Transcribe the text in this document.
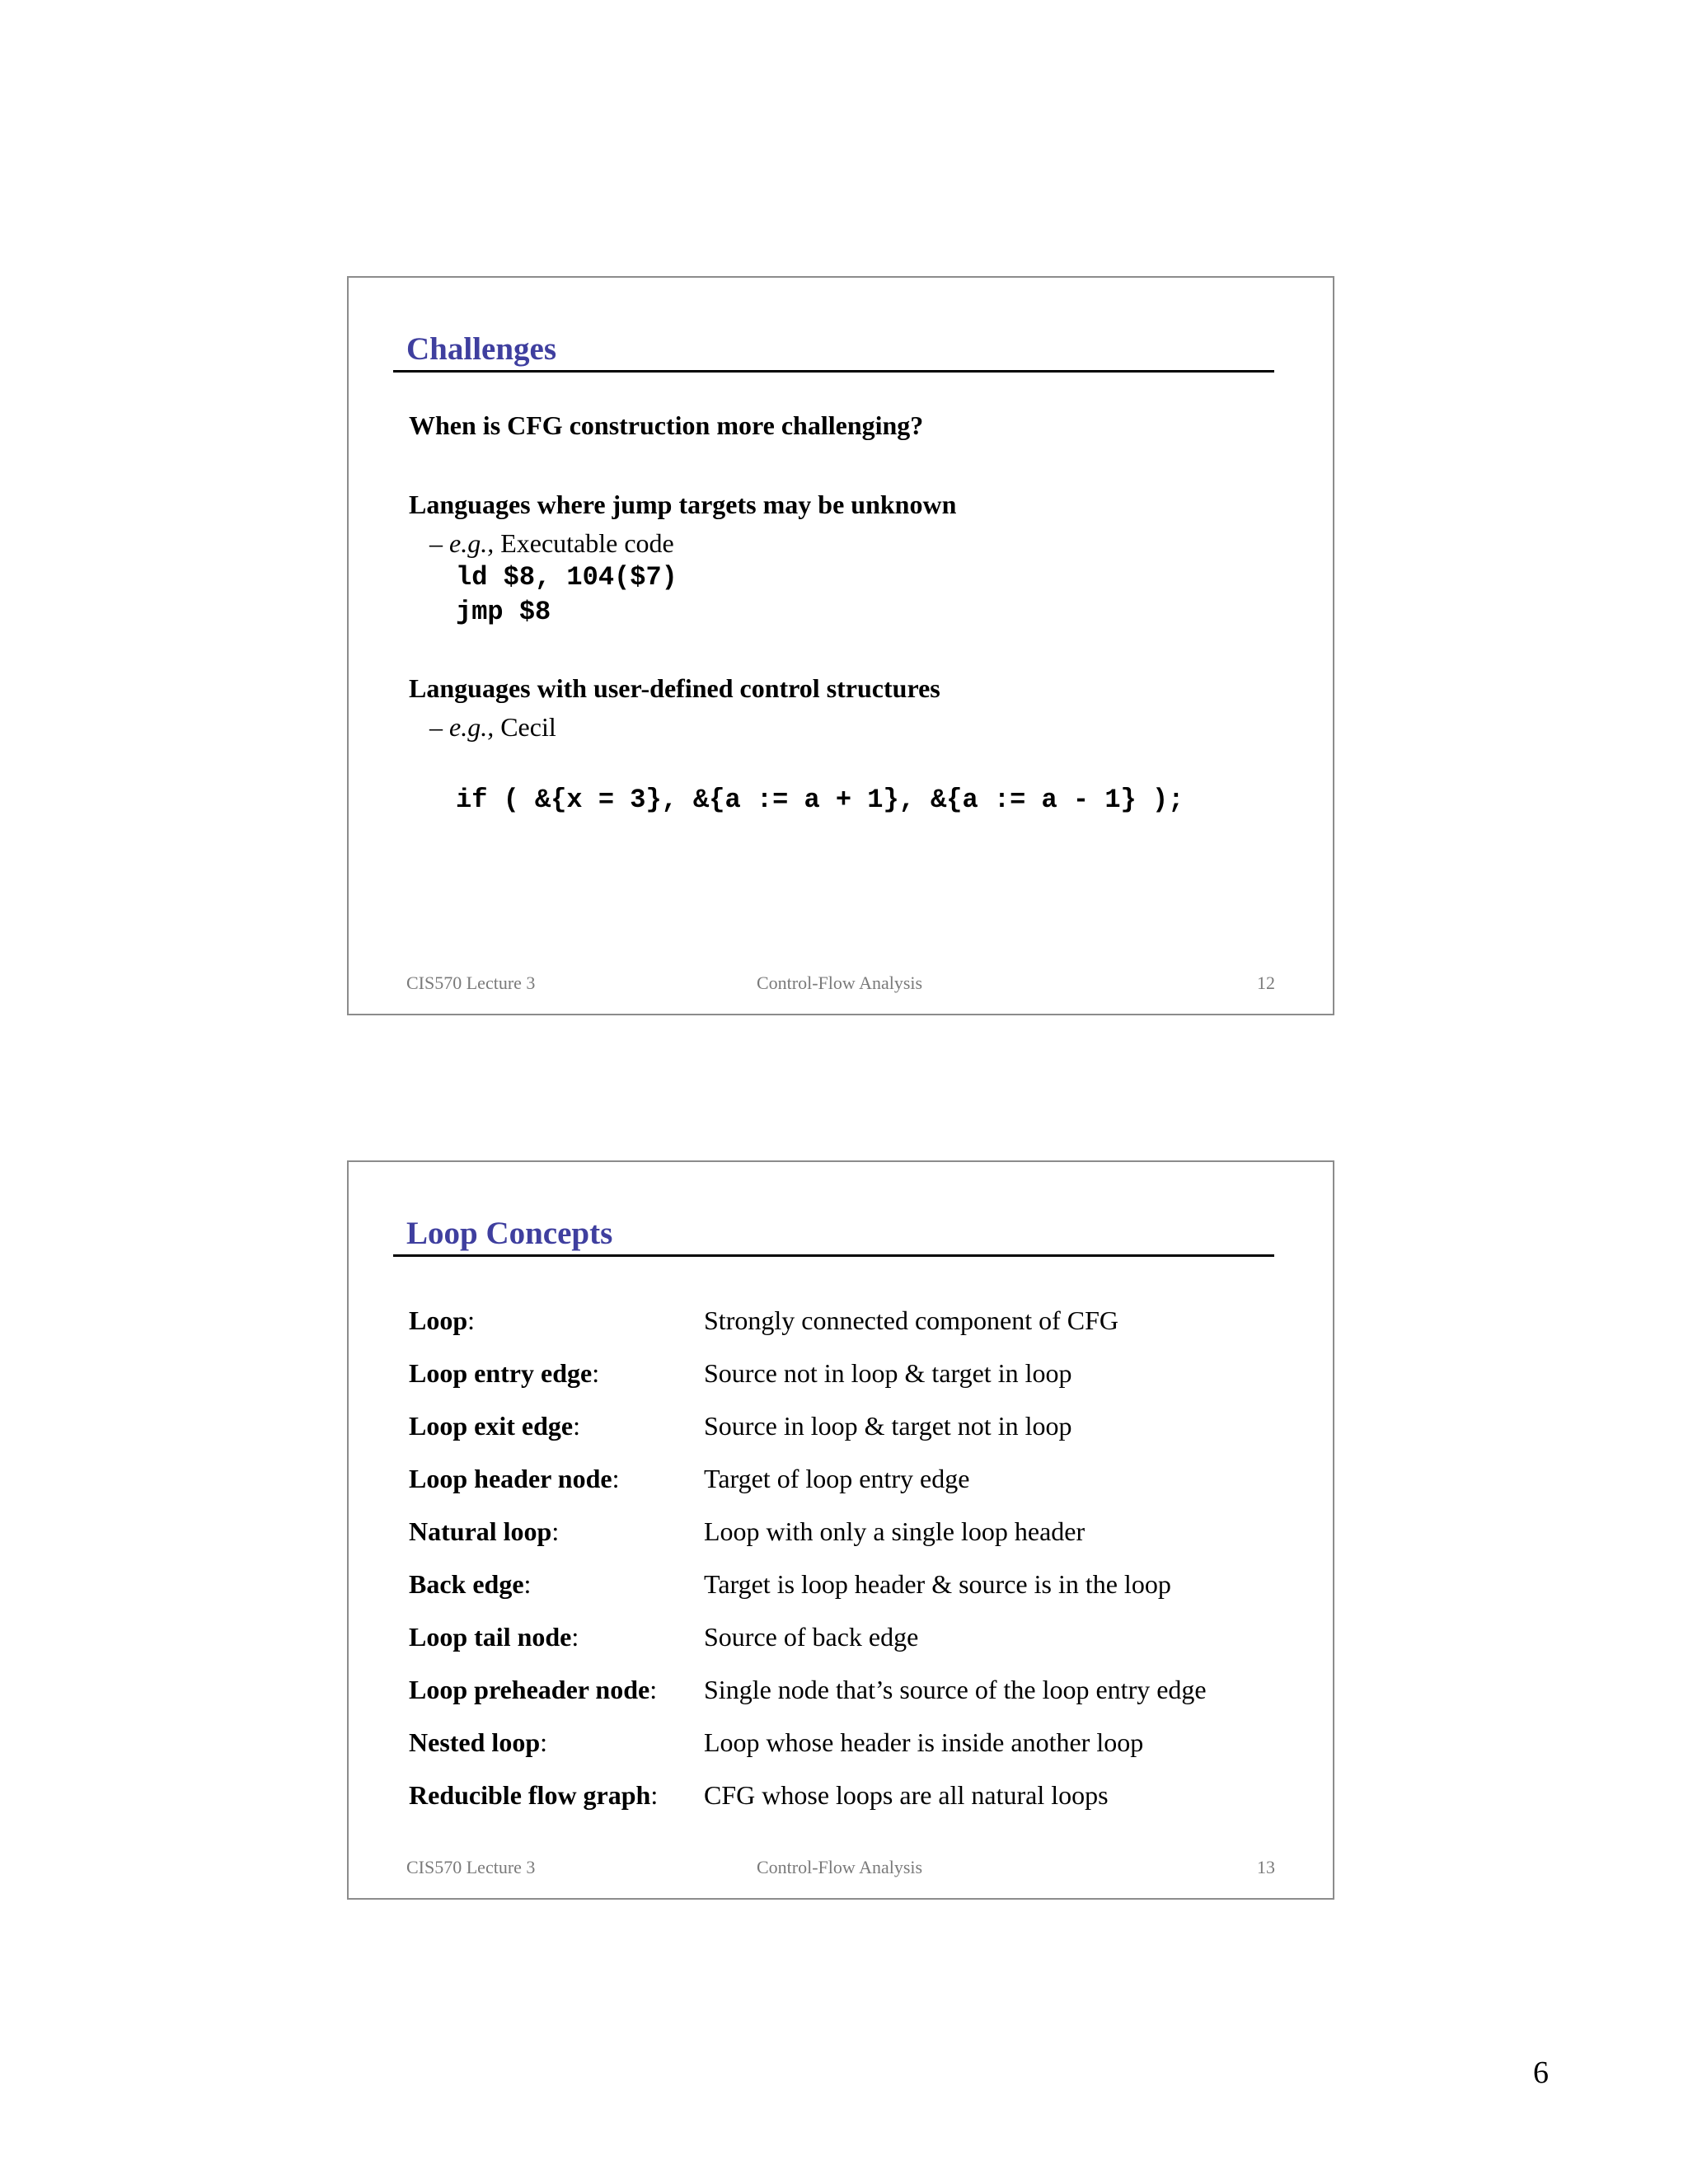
Challenges
When is CFG construction more challenging?
Languages where jump targets may be unknown
– e.g., Executable code
ld $8, 104($7)
jmp $8
Languages with user-defined control structures
– e.g., Cecil
if ( &{x = 3}, &{a := a + 1}, &{a := a - 1} );
CIS570 Lecture 3	Control-Flow Analysis	12
Loop Concepts
Loop:	Strongly connected component of CFG
Loop entry edge:	Source not in loop & target in loop
Loop exit edge:	Source in loop & target not in loop
Loop header node:	Target of loop entry edge
Natural loop:	Loop with only a single loop header
Back edge:	Target is loop header & source is in the loop
Loop tail node:	Source of back edge
Loop preheader node: Single node that’s source of the loop entry edge
Nested loop:	Loop whose header is inside another loop
Reducible flow graph: CFG whose loops are all natural loops
CIS570 Lecture 3	Control-Flow Analysis	13
6
